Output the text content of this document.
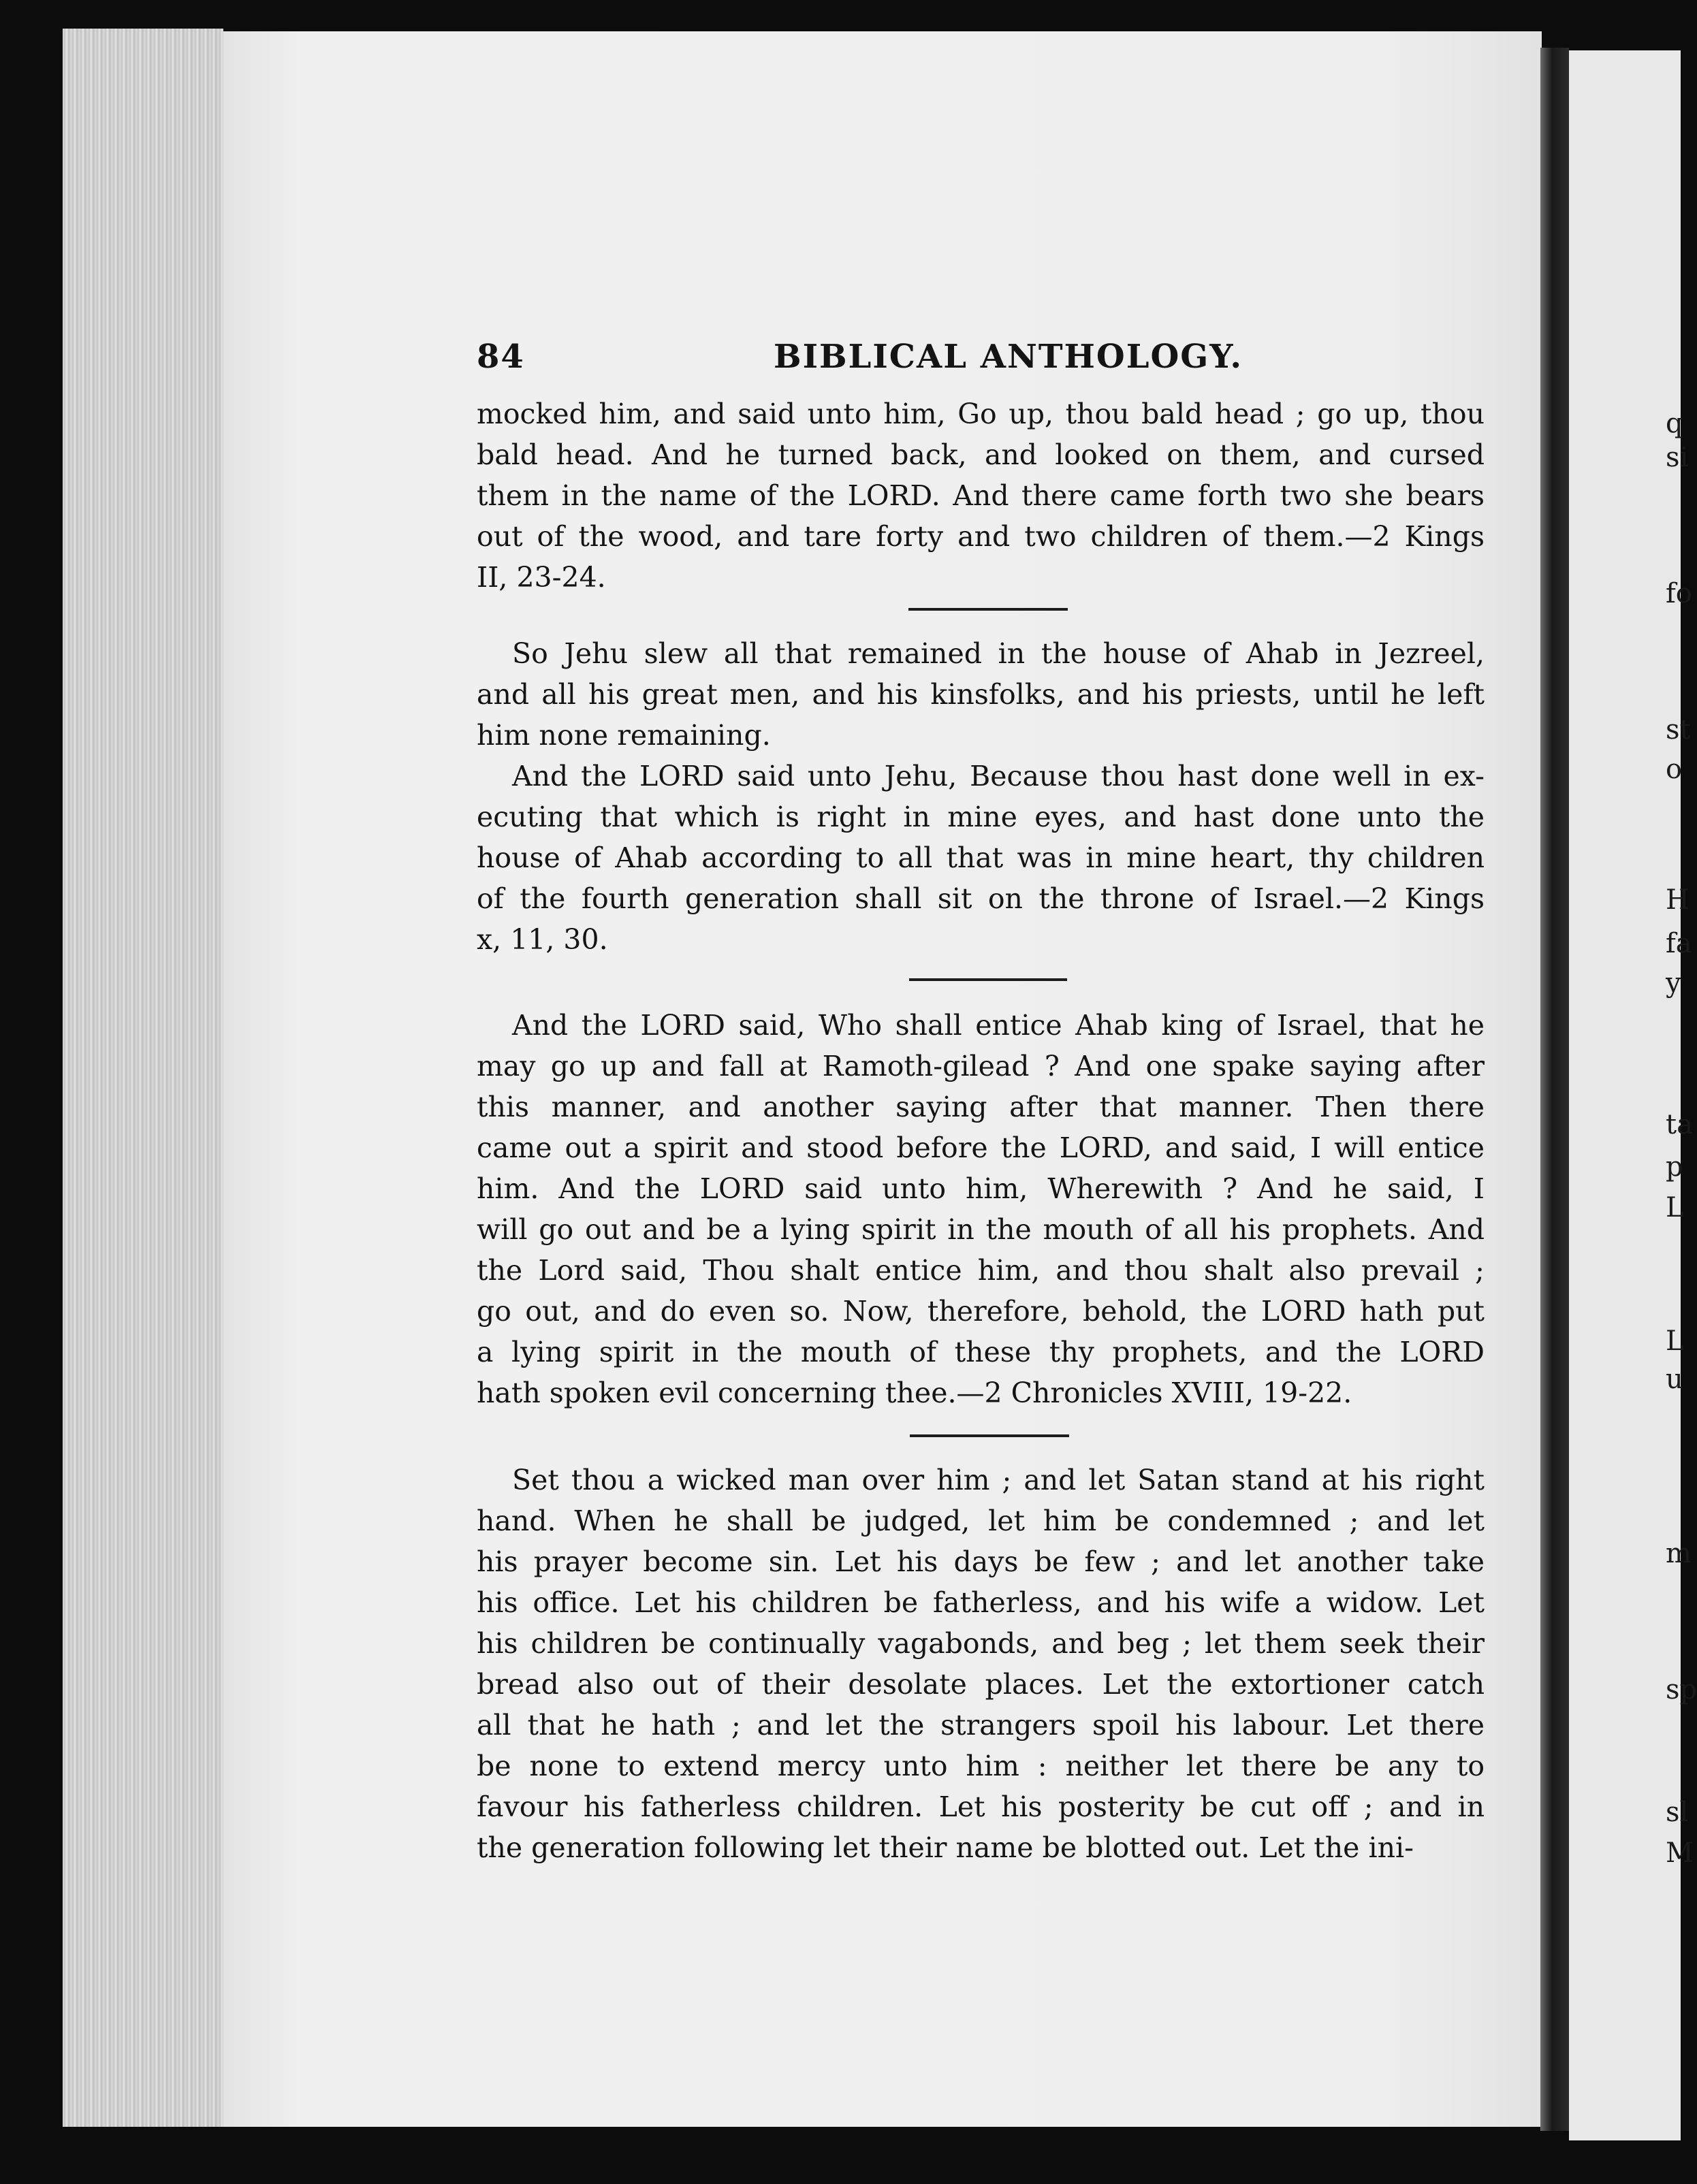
84	BIBLICAL ANTHOLOGY.
mocked him, and said unto him, Go up, thou bald head ; go up, thou
bald head. And he turned back, and looked on them, and cursed
them in the name of the LORD. And there came forth two she bears
out of the wood, and tare forty and two children of them.—2 Kings
II, 23-24.
So Jehu slew all that remained in the house of Ahab in Jezreel,
and all his great men, and his kinsfolks, and his priests, until he left
him none remaining.
And the LORD said unto Jehu, Because thou hast done well in ex-
ecuting that which is right in mine eyes, and hast done unto the
house of Ahab according to all that was in mine heart, thy children
of the fourth generation shall sit on the throne of Israel.—2 Kings
x, 11, 30.
And the LORD said, Who shall entice Ahab king of Israel, that he
may go up and fall at Ramoth-gilead ? And one spake saying after
this manner, and another saying after that manner. Then there
came out a spirit and stood before the LORD, and said, I will entice
him. And the LORD said unto him, Wherewith ? And he said, I
will go out and be a lying spirit in the mouth of all his prophets. And
the Lord said, Thou shalt entice him, and thou shalt also prevail ;
go out, and do even so. Now, therefore, behold, the LORD hath put
a lying spirit in the mouth of these thy prophets, and the LORD
hath spoken evil concerning thee.—2 Chronicles XVIII, 19-22.
Set thou a wicked man over him ; and let Satan stand at his right
hand. When he shall be judged, let him be condemned ; and let
his prayer become sin. Let his days be few ; and let another take
his office. Let his children be fatherless, and his wife a widow. Let
his children be continually vagabonds, and beg ; let them seek their
bread also out of their desolate places. Let the extortioner catch
all that he hath ; and let the strangers spoil his labour. Let there
be none to extend mercy unto him : neither let there be any to
favour his fatherless children. Let his posterity be cut off ; and in
the generation following let their name be blotted out. Let the ini-
q
si
fo
st
o
H
fa
y
ta
p
L
L
u
m
sp
sl
M
